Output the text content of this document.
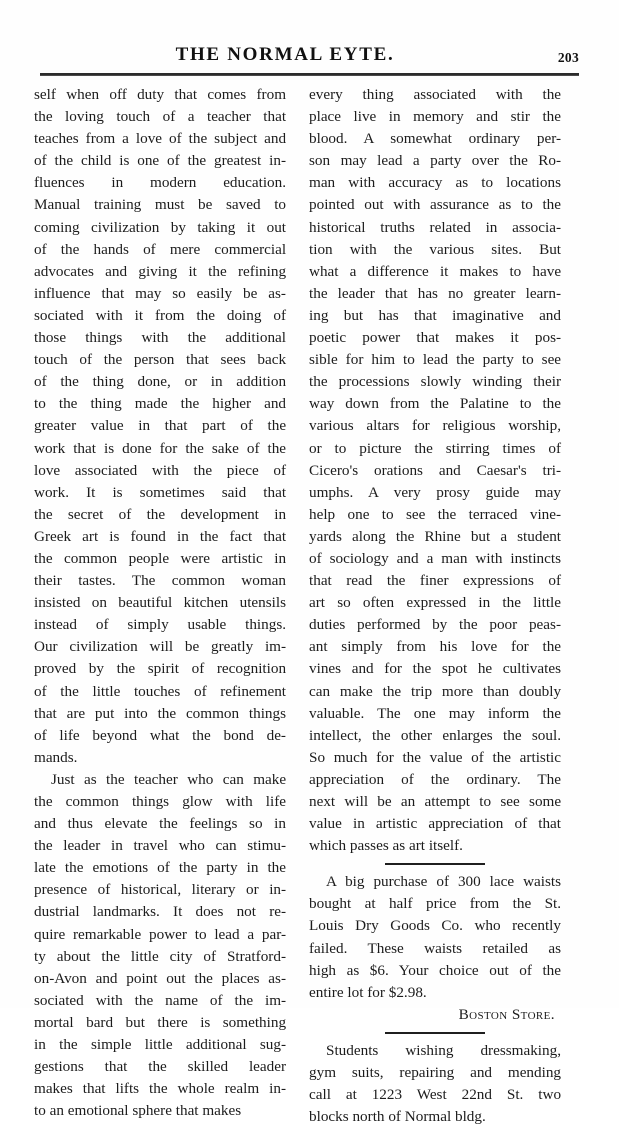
THE NORMAL EYTE.	203
self when off duty that comes from
the loving touch of a teacher that
teaches from a love of the subject and
of the child is one of the greatest in-
fluences in modern education.
Manual training must be saved to
coming civilization by taking it out
of the hands of mere commercial
advocates and giving it the refining
influence that may so easily be as-
sociated with it from the doing of
those things with the additional
touch of the person that sees back
of the thing done, or in addition
to the thing made the higher and
greater value in that part of the
work that is done for the sake of the
love associated with the piece of
work. It is sometimes said that
the secret of the development in
Greek art is found in the fact that
the common people were artistic in
their tastes. The common woman
insisted on beautiful kitchen utensils
instead of simply usable things.
Our civilization will be greatly im-
proved by the spirit of recognition
of the little touches of refinement
that are put into the common things
of life beyond what the bond de-
mands.
Just as the teacher who can make
the common things glow with life
and thus elevate the feelings so in
the leader in travel who can stimu-
late the emotions of the party in the
presence of historical, literary or in-
dustrial landmarks. It does not re-
quire remarkable power to lead a par-
ty about the little city of Stratford-
on-Avon and point out the places as-
sociated with the name of the im-
mortal bard but there is something
in the simple little additional sug-
gestions that the skilled leader
makes that lifts the whole realm in-
to an emotional sphere that makes
every thing associated with the
place live in memory and stir the
blood. A somewhat ordinary per-
son may lead a party over the Ro-
man with accuracy as to locations
pointed out with assurance as to the
historical truths related in associa-
tion with the various sites. But
what a difference it makes to have
the leader that has no greater learn-
ing but has that imaginative and
poetic power that makes it pos-
sible for him to lead the party to see
the processions slowly winding their
way down from the Palatine to the
various altars for religious worship,
or to picture the stirring times of
Cicero's orations and Caesar's tri-
umphs. A very prosy guide may
help one to see the terraced vine-
yards along the Rhine but a student
of sociology and a man with instincts
that read the finer expressions of
art so often expressed in the little
duties performed by the poor peas-
ant simply from his love for the
vines and for the spot he cultivates
can make the trip more than doubly
valuable. The one may inform the
intellect, the other enlarges the soul.
So much for the value of the artistic
appreciation of the ordinary. The
next will be an attempt to see some
value in artistic appreciation of that
which passes as art itself.
A big purchase of 300 lace waists
bought at half price from the St.
Louis Dry Goods Co. who recently
failed. These waists retailed as
high as $6. Your choice out of the
entire lot for $2.98.
Boston Store.
Students wishing dressmaking,
gym suits, repairing and mending
call at 1223 West 22nd St. two
blocks north of Normal bldg.
